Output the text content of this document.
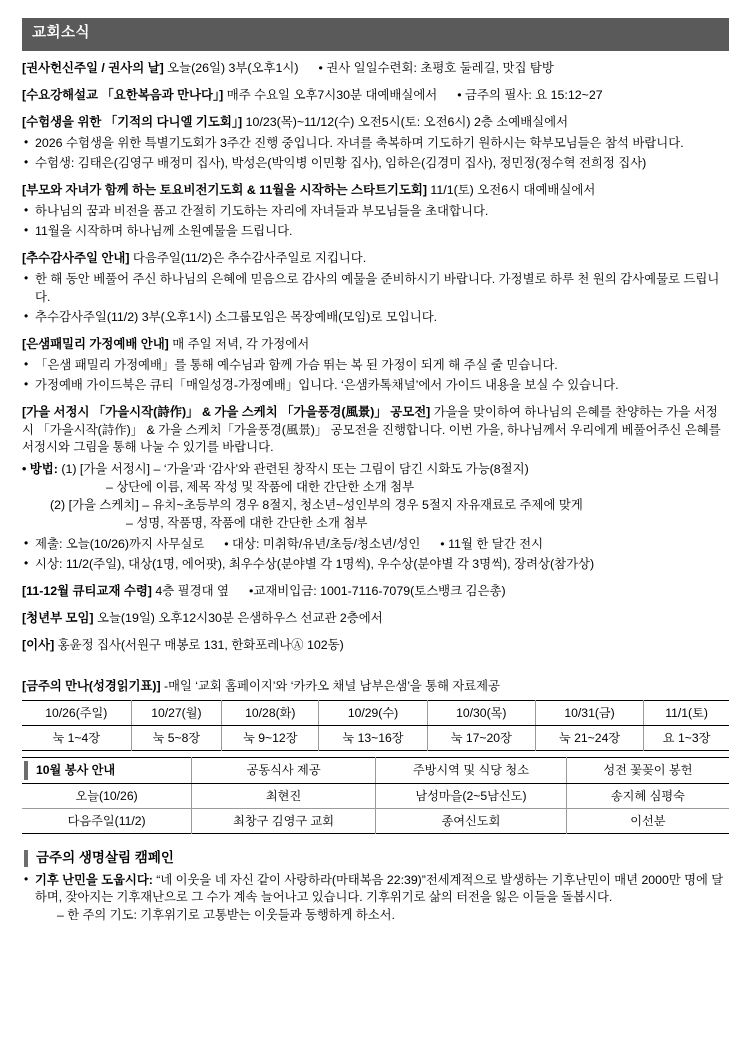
교회소식
[권사헌신주일 / 권사의 날] 오늘(26일) 3부(오후1시) • 권사 일일수련회: 초평호 둘레길, 맛집 탐방
[수요강해설교 「요한복음과 만나다」] 매주 수요일 오후7시30분 대예배실에서 • 금주의 필사: 요 15:12~27
[수험생을 위한 「기적의 다니엘 기도회」] 10/23(목)~11/12(수) 오전5시(토: 오전6시) 2층 소예배실에서
• 2026 수험생을 위한 특별기도회가 3주간 진행 중입니다. 자녀를 축복하며 기도하기 원하시는 학부모님들은 참석 바랍니다.
• 수험생: 김태은(김영구 배정미 집사), 박성은(박익병 이민황 집사), 임하은(김경미 집사), 정민정(정수혁 전희정 집사)
[부모와 자녀가 함께 하는 토요비전기도회 & 11월을 시작하는 스타트기도회] 11/1(토) 오전6시 대예배실에서
• 하나님의 꿈과 비전을 품고 간절히 기도하는 자리에 자녀들과 부모님들을 초대합니다.
• 11월을 시작하며 하나님께 소원예물을 드립니다.
[추수감사주일 안내] 다음주일(11/2)은 추수감사주일로 지킵니다.
• 한 해 동안 베풀어 주신 하나님의 은혜에 믿음으로 감사의 예물을 준비하시기 바랍니다. 가정별로 하루 천 원의 감사예물로 드립니다.
• 추수감사주일(11/2) 3부(오후1시) 소그룹모임은 목장예배(모임)로 모입니다.
[은샘패밀리 가정예배 안내] 매 주일 저녁, 각 가정에서
• 「은샘 패밀리 가정예배」를 통해 예수님과 함께 가슴 뛰는 복 된 가정이 되게 해 주실 줄 믿습니다.
• 가정예배 가이드북은 큐티「매일성경-가정예배」입니다. ‘은샘카톡채널’에서 가이드 내용을 보실 수 있습니다.
[가을 서정시 「가을시작(詩作)」 & 가을 스케치 「가을풍경(風景)」 공모전] 가을을 맞이하여 하나님의 은혜를 찬양하는 가을 서정시 「가을시작(詩作)」 & 가을 스케치「가을풍경(風景)」 공모전을 진행합니다. 이번 가을, 하나님께서 우리에게 베풀어주신 은혜를 서정시와 그림을 통해 나눌 수 있기를 바랍니다.
• 방법: (1) [가을 서정시] – ‘가을’과 ‘감사’와 관련된 창작시 또는 그림이 담긴 시화도 가능(8절지)
– 상단에 이름, 제목 작성 및 작품에 대한 간단한 소개 첨부
(2) [가을 스케치] – 유치~초등부의 경우 8절지, 청소년~성인부의 경우 5절지 자유재료로 주제에 맞게
– 성명, 작품명, 작품에 대한 간단한 소개 첨부
• 제출: 오늘(10/26)까지 사무실로 • 대상: 미취학/유년/초등/청소년/성인 • 11월 한 달간 전시
• 시상: 11/2(주일), 대상(1명, 에어팟), 최우수상(분야별 각 1명씩), 우수상(분야별 각 3명씩), 장려상(참가상)
[11-12월 큐티교재 수령] 4층 필경대 옆 •교재비입금: 1001-7116-7079(토스뱅크 김은총)
[청년부 모임] 오늘(19일) 오후12시30분 은샘하우스 선교관 2층에서
[이사] 홍윤정 집사(서원구 매봉로 131, 한화포레나Ⓐ 102동)
[금주의 만나(성경읽기표)] -매일 ‘교회 홈페이지’와 ‘카카오 채널 남부은샘’을 통해 자료제공
10/26(주일)	10/27(월)	10/28(화)	10/29(수)	10/30(목)	10/31(금)	11/1(토)
눅 1~4장	눅 5~8장	눅 9~12장	눅 13~16장	눅 17~20장	눅 21~24장	요 1~3장
10월 봉사 안내	공동식사 제공	주방시역 및 식당 청소	성전 꽃꽂이 봉헌
오늘(10/26)	최현진	남성마을(2~5남신도)	송지혜 심평숙
다음주일(11/2)	최창구 김영구 교회	종여신도회	이선분
금주의 생명살림 캠페인
• 기후 난민을 도웁시다: “네 이웃을 네 자신 같이 사랑하라(마태복음 22:39)”전세계적으로 발생하는 기후난민이 매년 2000만 명에 달하며, 잦아지는 기후재난으로 그 수가 계속 늘어나고 있습니다. 기후위기로 삶의 터전을 잃은 이들을 돌봅시다.
– 한 주의 기도: 기후위기로 고통받는 이웃들과 동행하게 하소서.
